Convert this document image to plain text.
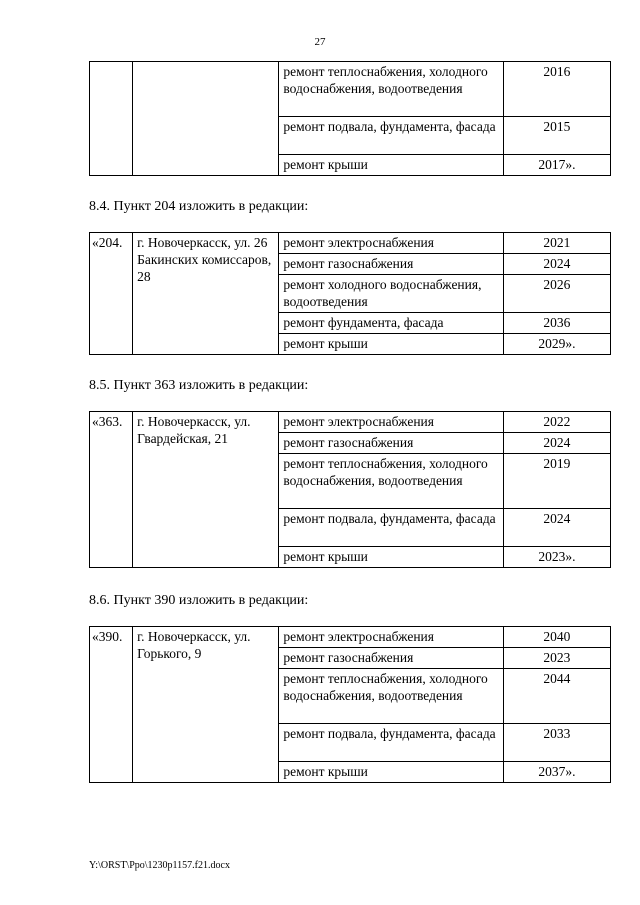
27
		ремонт теплоснабжения, холодного водоснабжения, водоотведения	2016
		ремонт подвала, фундамента, фасада	2015
		ремонт крыши	2017».
8.4. Пункт 204 изложить в редакции:
«204.	г. Новочеркасск, ул. 26 Бакинских комиссаров, 28	ремонт электроснабжения	2021
		ремонт газоснабжения	2024
		ремонт холодного водоснабжения, водоотведения	2026
		ремонт фундамента, фасада	2036
		ремонт крыши	2029».
8.5. Пункт 363 изложить в редакции:
«363.	г. Новочеркасск, ул. Гвардейская, 21	ремонт электроснабжения	2022
		ремонт газоснабжения	2024
		ремонт теплоснабжения, холодного водоснабжения, водоотведения	2019
		ремонт подвала, фундамента, фасада	2024
		ремонт крыши	2023».
8.6. Пункт 390 изложить в редакции:
«390.	г. Новочеркасск, ул. Горького, 9	ремонт электроснабжения	2040
		ремонт газоснабжения	2023
		ремонт теплоснабжения, холодного водоснабжения, водоотведения	2044
		ремонт подвала, фундамента, фасада	2033
		ремонт крыши	2037».
Y:\ORST\Ppo\1230p1157.f21.docx
